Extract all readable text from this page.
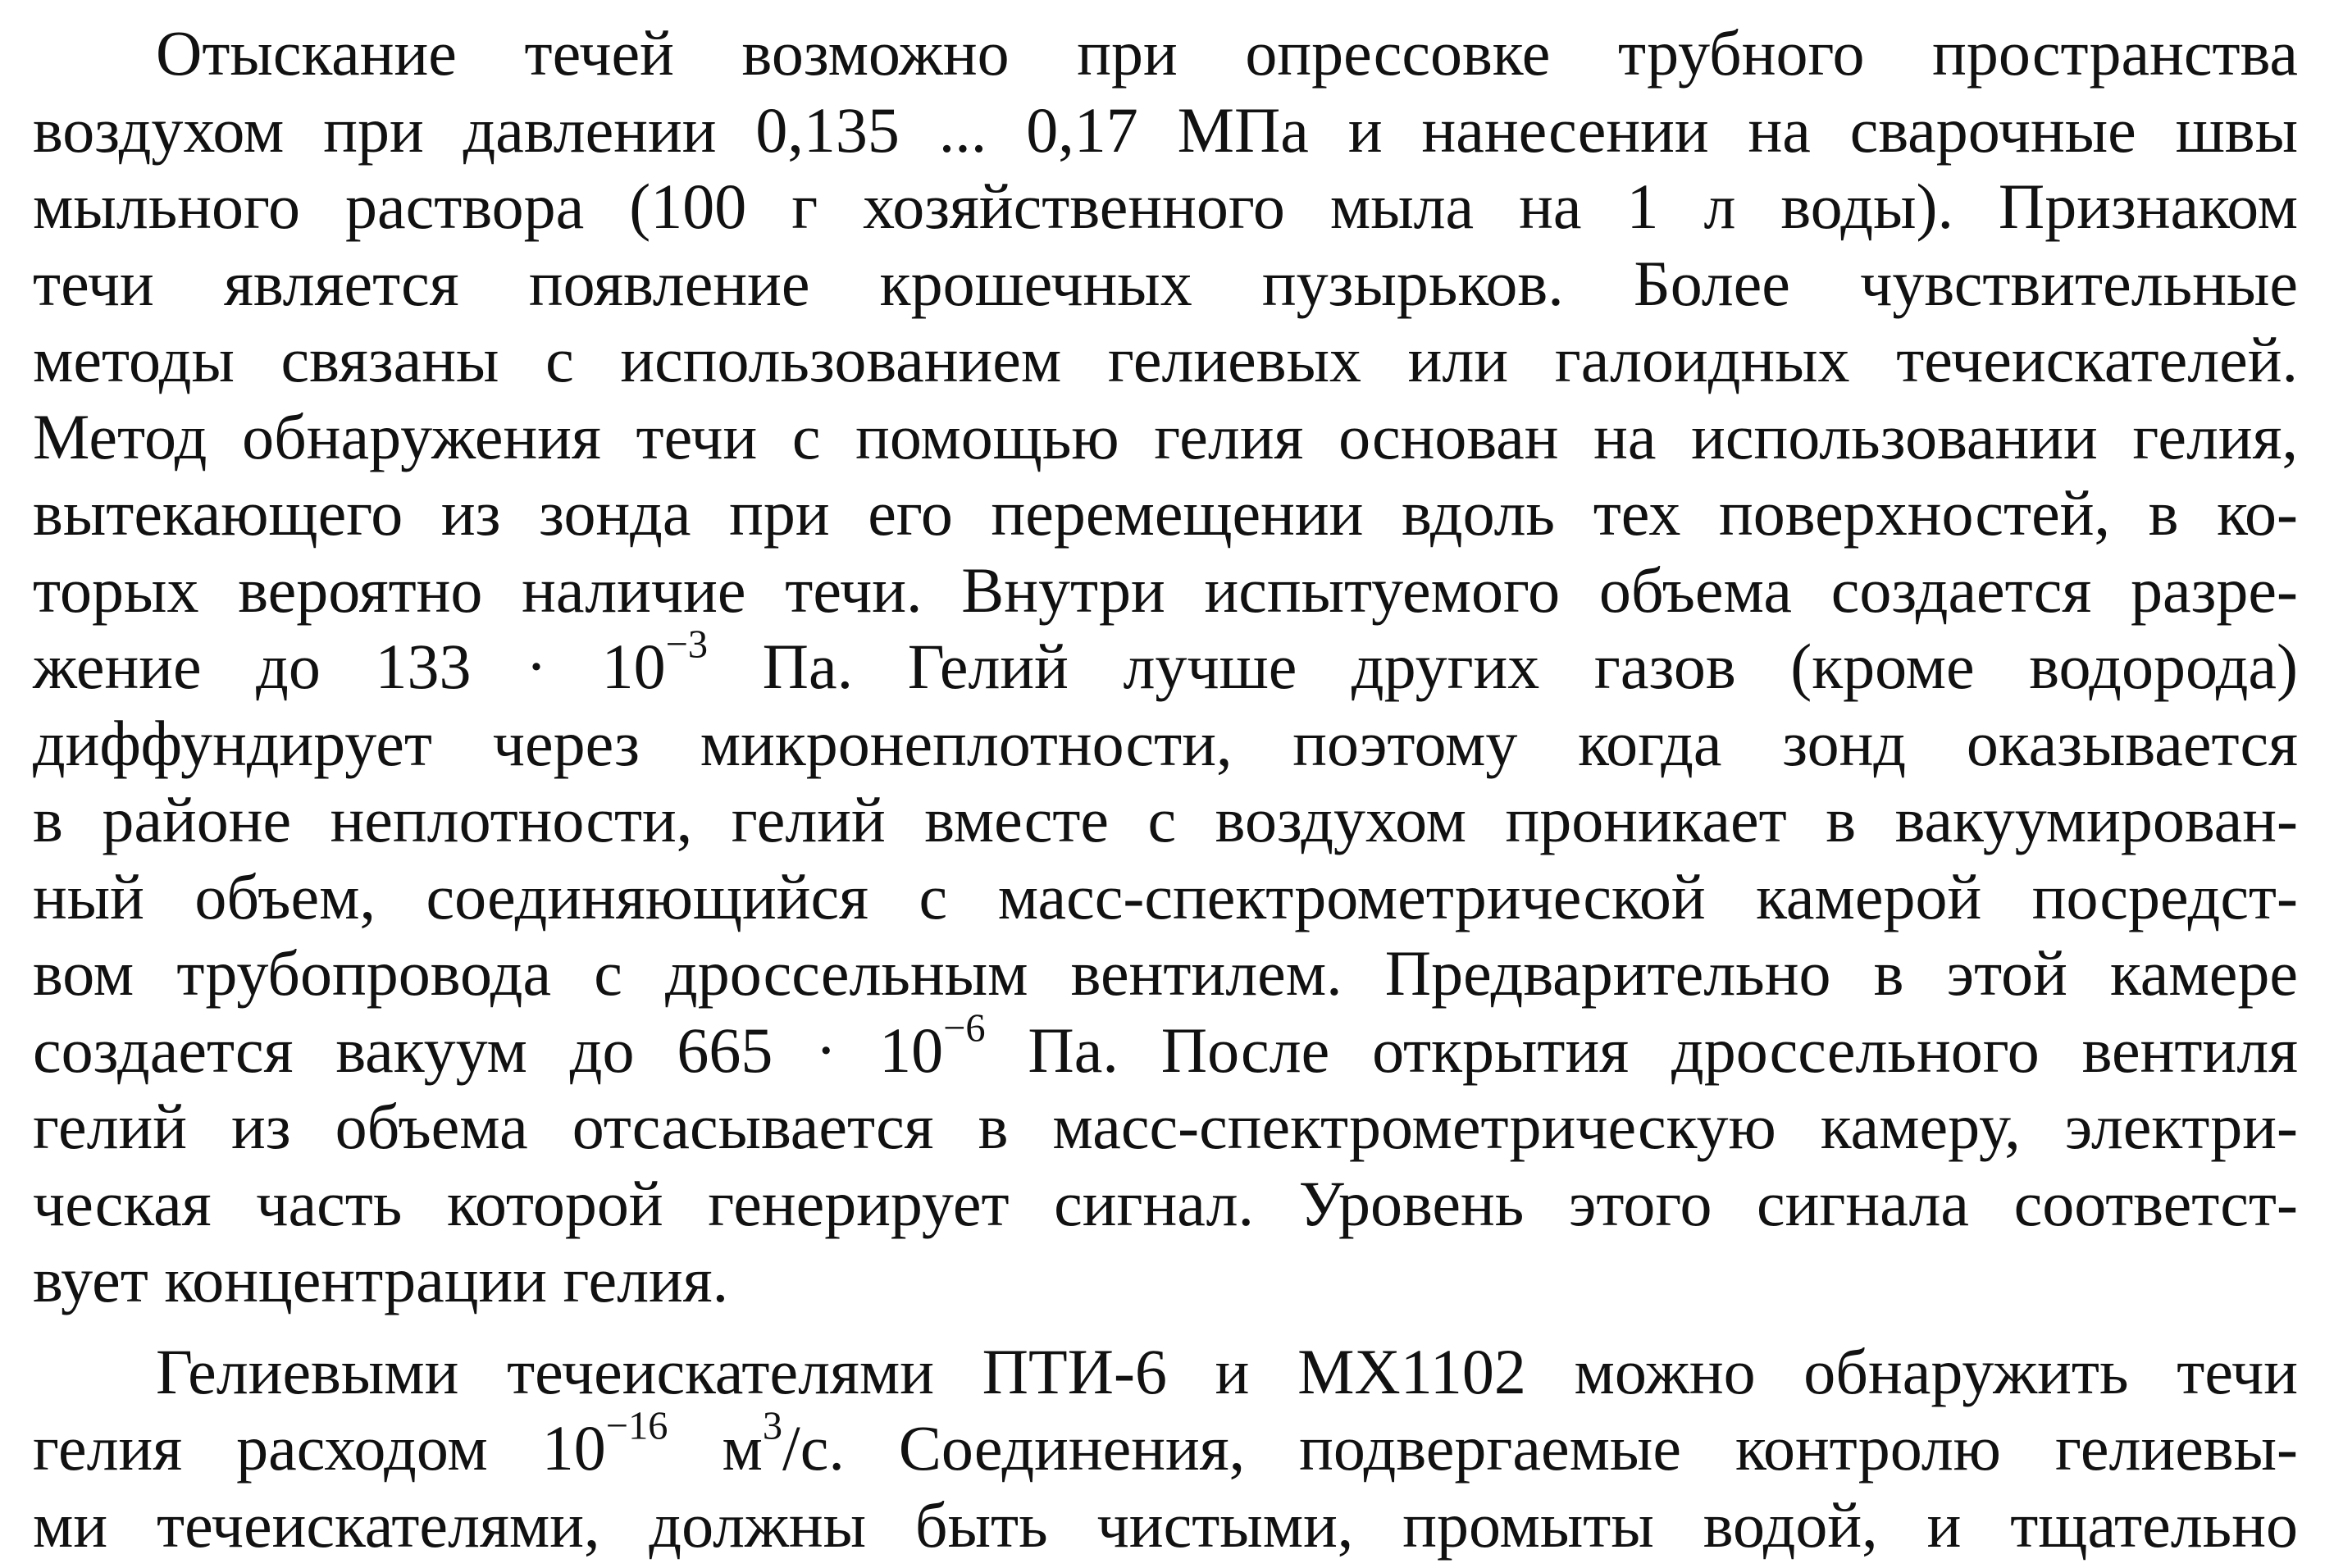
Отыскание течей возможно при опрессовке трубного пространства
воздухом при давлении 0,135 ... 0,17 МПа и нанесении на сварочные швы
мыльного раствора (100 г хозяйственного мыла на 1 л воды). Признаком
течи является появление крошечных пузырьков. Более чувствительные
методы связаны с использованием гелиевых или галоидных течеискателей.
Метод обнаружения течи с помощью гелия основан на использовании гелия,
вытекающего из зонда при его перемещении вдоль тех поверхностей, в ко-
торых вероятно наличие течи. Внутри испытуемого объема создается разре-
жение до $133 \cdot 10^{-3}$ Па. Гелий лучше других газов (кроме водорода)
диффундирует через микронеплотности, поэтому когда зонд оказывается
в районе неплотности, гелий вместе с воздухом проникает в вакуумирован-
ный объем, соединяющийся с масс-спектрометрической камерой посредст-
вом трубопровода с дроссельным вентилем. Предварительно в этой камере
создается вакуум до $665 \cdot 10^{-6}$ Па. После открытия дроссельного вентиля
гелий из объема отсасывается в масс-спектрометрическую камеру, электри-
ческая часть которой генерирует сигнал. Уровень этого сигнала соответст-
вует концентрации гелия.
Гелиевыми течеискателями ПТИ-6 и МХ1102 можно обнаружить течи
гелия расходом $10^{-16}$ $м^3/с$. Соединения, подвергаемые контролю гелиевы-
ми течеискателями, должны быть чистыми, промыты водой, и тщательно
